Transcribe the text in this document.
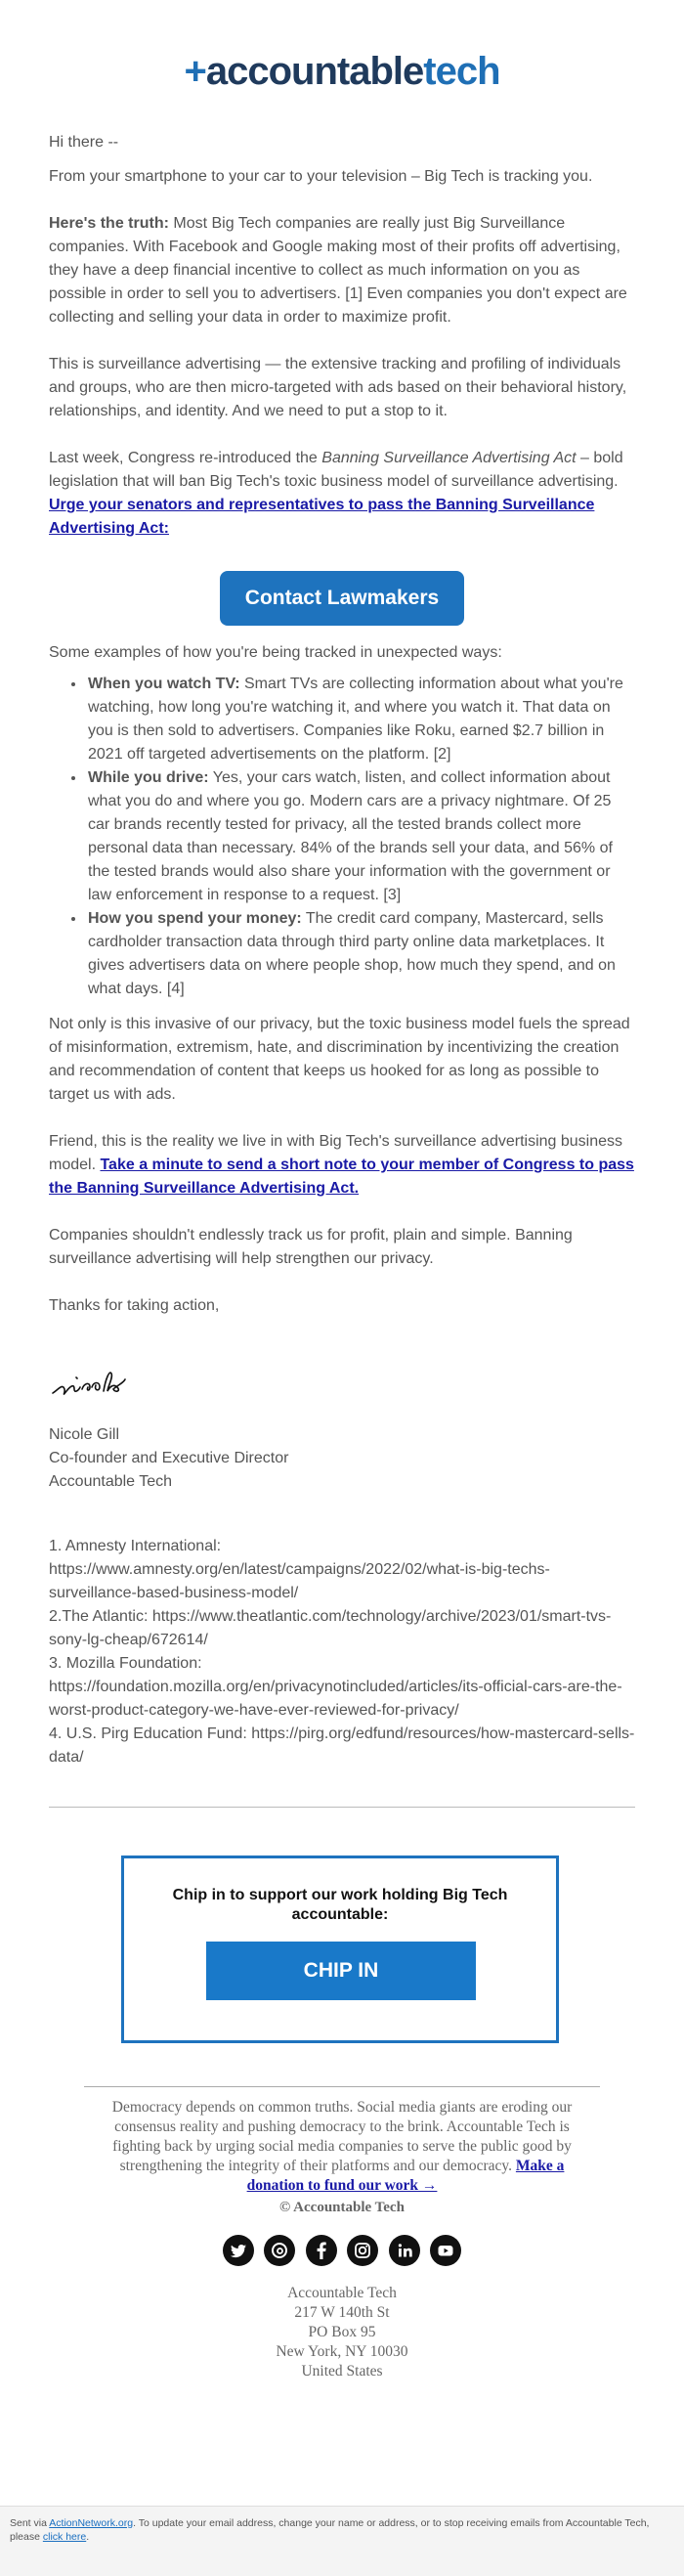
+accountabletech

Hi there --

From your smartphone to your car to your television – Big Tech is tracking you.

Here's the truth: Most Big Tech companies are really just Big Surveillance companies. With Facebook and Google making most of their profits off advertising, they have a deep financial incentive to collect as much information on you as possible in order to sell you to advertisers. [1] Even companies you don't expect are collecting and selling your data in order to maximize profit.

This is surveillance advertising — the extensive tracking and profiling of individuals and groups, who are then micro-targeted with ads based on their behavioral history, relationships, and identity. And we need to put a stop to it.

Last week, Congress re-introduced the Banning Surveillance Advertising Act – bold legislation that will ban Big Tech's toxic business model of surveillance advertising. Urge your senators and representatives to pass the Banning Surveillance Advertising Act:

Contact Lawmakers

Some examples of how you're being tracked in unexpected ways:

• When you watch TV: Smart TVs are collecting information about what you're watching, how long you're watching it, and where you watch it. That data on you is then sold to advertisers. Companies like Roku, earned $2.7 billion in 2021 off targeted advertisements on the platform. [2]
• While you drive: Yes, your cars watch, listen, and collect information about what you do and where you go. Modern cars are a privacy nightmare. Of 25 car brands recently tested for privacy, all the tested brands collect more personal data than necessary. 84% of the brands sell your data, and 56% of the tested brands would also share your information with the government or law enforcement in response to a request. [3]
• How you spend your money: The credit card company, Mastercard, sells cardholder transaction data through third party online data marketplaces. It gives advertisers data on where people shop, how much they spend, and on what days. [4]

Not only is this invasive of our privacy, but the toxic business model fuels the spread of misinformation, extremism, hate, and discrimination by incentivizing the creation and recommendation of content that keeps us hooked for as long as possible to target us with ads.

Friend, this is the reality we live in with Big Tech's surveillance advertising business model. Take a minute to send a short note to your member of Congress to pass the Banning Surveillance Advertising Act.

Companies shouldn't endlessly track us for profit, plain and simple. Banning surveillance advertising will help strengthen our privacy.

Thanks for taking action,

Nicole Gill

Co-founder and Executive Director

Accountable Tech

1. Amnesty International: https://www.amnesty.org/en/latest/campaigns/2022/02/what-is-big-techs-surveillance-based-business-model/

2.The Atlantic: https://www.theatlantic.com/technology/archive/2023/01/smart-tvs-sony-lg-cheap/672614/

3. Mozilla Foundation: https://foundation.mozilla.org/en/privacynotincluded/articles/its-official-cars-are-the-worst-product-category-we-have-ever-reviewed-for-privacy/

4. U.S. Pirg Education Fund: https://pirg.org/edfund/resources/how-mastercard-sells-data/

Chip in to support our work holding Big Tech accountable:
CHIP IN
Democracy depends on common truths. Social media giants are eroding our consensus reality and pushing democracy to the brink. Accountable Tech is fighting back by urging social media companies to serve the public good by strengthening the integrity of their platforms and our democracy. Make a donation to fund our work →
© Accountable Tech

Accountable Tech
217 W 140th St
PO Box 95
New York, NY 10030
United States
Sent via ActionNetwork.org. To update your email address, change your name or address, or to stop receiving emails from Accountable Tech, please click here.
